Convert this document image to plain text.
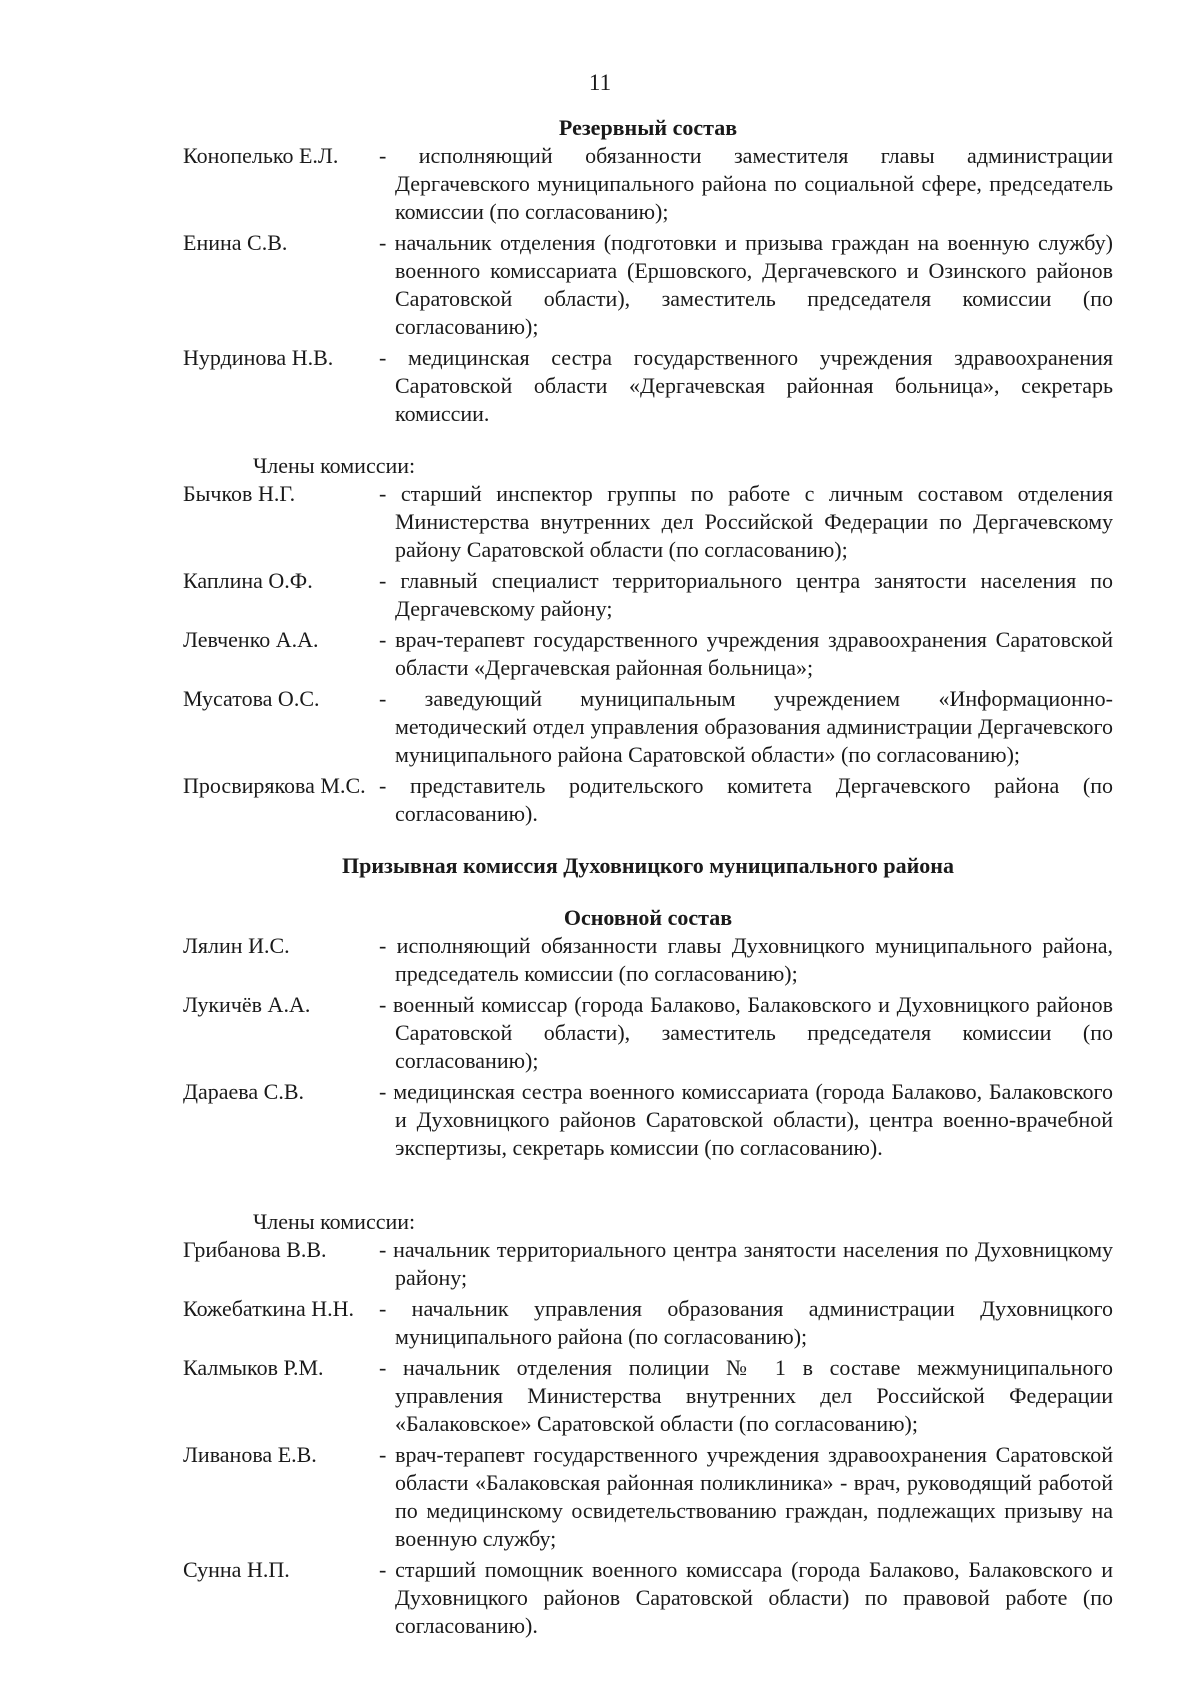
11
Резервный состав
Конопелько Е.Л.	- исполняющий обязанности заместителя главы администрации Дергачевского муниципального района по социальной сфере, председатель комиссии (по согласованию);
Енина С.В.	- начальник отделения (подготовки и призыва граждан на военную службу) военного комиссариата (Ершовского, Дергачевского и Озинского районов Саратовской области), заместитель председателя комиссии (по согласованию);
Нурдинова Н.В.	- медицинская сестра государственного учреждения здравоохранения Саратовской области «Дергачевская районная больница», секретарь комиссии.
Члены комиссии:
Бычков Н.Г.	- старший инспектор группы по работе с личным составом отделения Министерства внутренних дел Российской Федерации по Дергачевскому району Саратовской области (по согласованию);
Каплина О.Ф.	- главный специалист территориального центра занятости населения по Дергачевскому району;
Левченко А.А.	- врач-терапевт государственного учреждения здравоохранения Саратовской области «Дергачевская районная больница»;
Мусатова О.С.	- заведующий муниципальным учреждением «Информационно-методический отдел управления образования администрации Дергачевского муниципального района Саратовской области» (по согласованию);
Просвирякова М.С. - представитель родительского комитета Дергачевского района (по согласованию).
Призывная комиссия Духовницкого муниципального района
Основной состав
Лялин И.С.	- исполняющий обязанности главы Духовницкого муниципального района, председатель комиссии (по согласованию);
Лукичёв А.А.	- военный комиссар (города Балаково, Балаковского и Духовницкого районов Саратовской области), заместитель председателя комиссии (по согласованию);
Дараева С.В.	- медицинская сестра военного комиссариата (города Балаково, Балаковского и Духовницкого районов Саратовской области), центра военно-врачебной экспертизы, секретарь комиссии (по согласованию).
Члены комиссии:
Грибанова В.В.	- начальник территориального центра занятости населения по Духовницкому району;
Кожебаткина Н.Н.	- начальник управления образования администрации Духовницкого муниципального района (по согласованию);
Калмыков Р.М.	- начальник отделения полиции № 1 в составе межмуниципального управления Министерства внутренних дел Российской Федерации «Балаковское» Саратовской области (по согласованию);
Ливанова Е.В.	- врач-терапевт государственного учреждения здравоохранения Саратовской области «Балаковская районная поликлиника» - врач, руководящий работой по медицинскому освидетельствованию граждан, подлежащих призыву на военную службу;
Сунна Н.П.	- старший помощник военного комиссара (города Балаково, Балаковского и Духовницкого районов Саратовской области) по правовой работе (по согласованию).
